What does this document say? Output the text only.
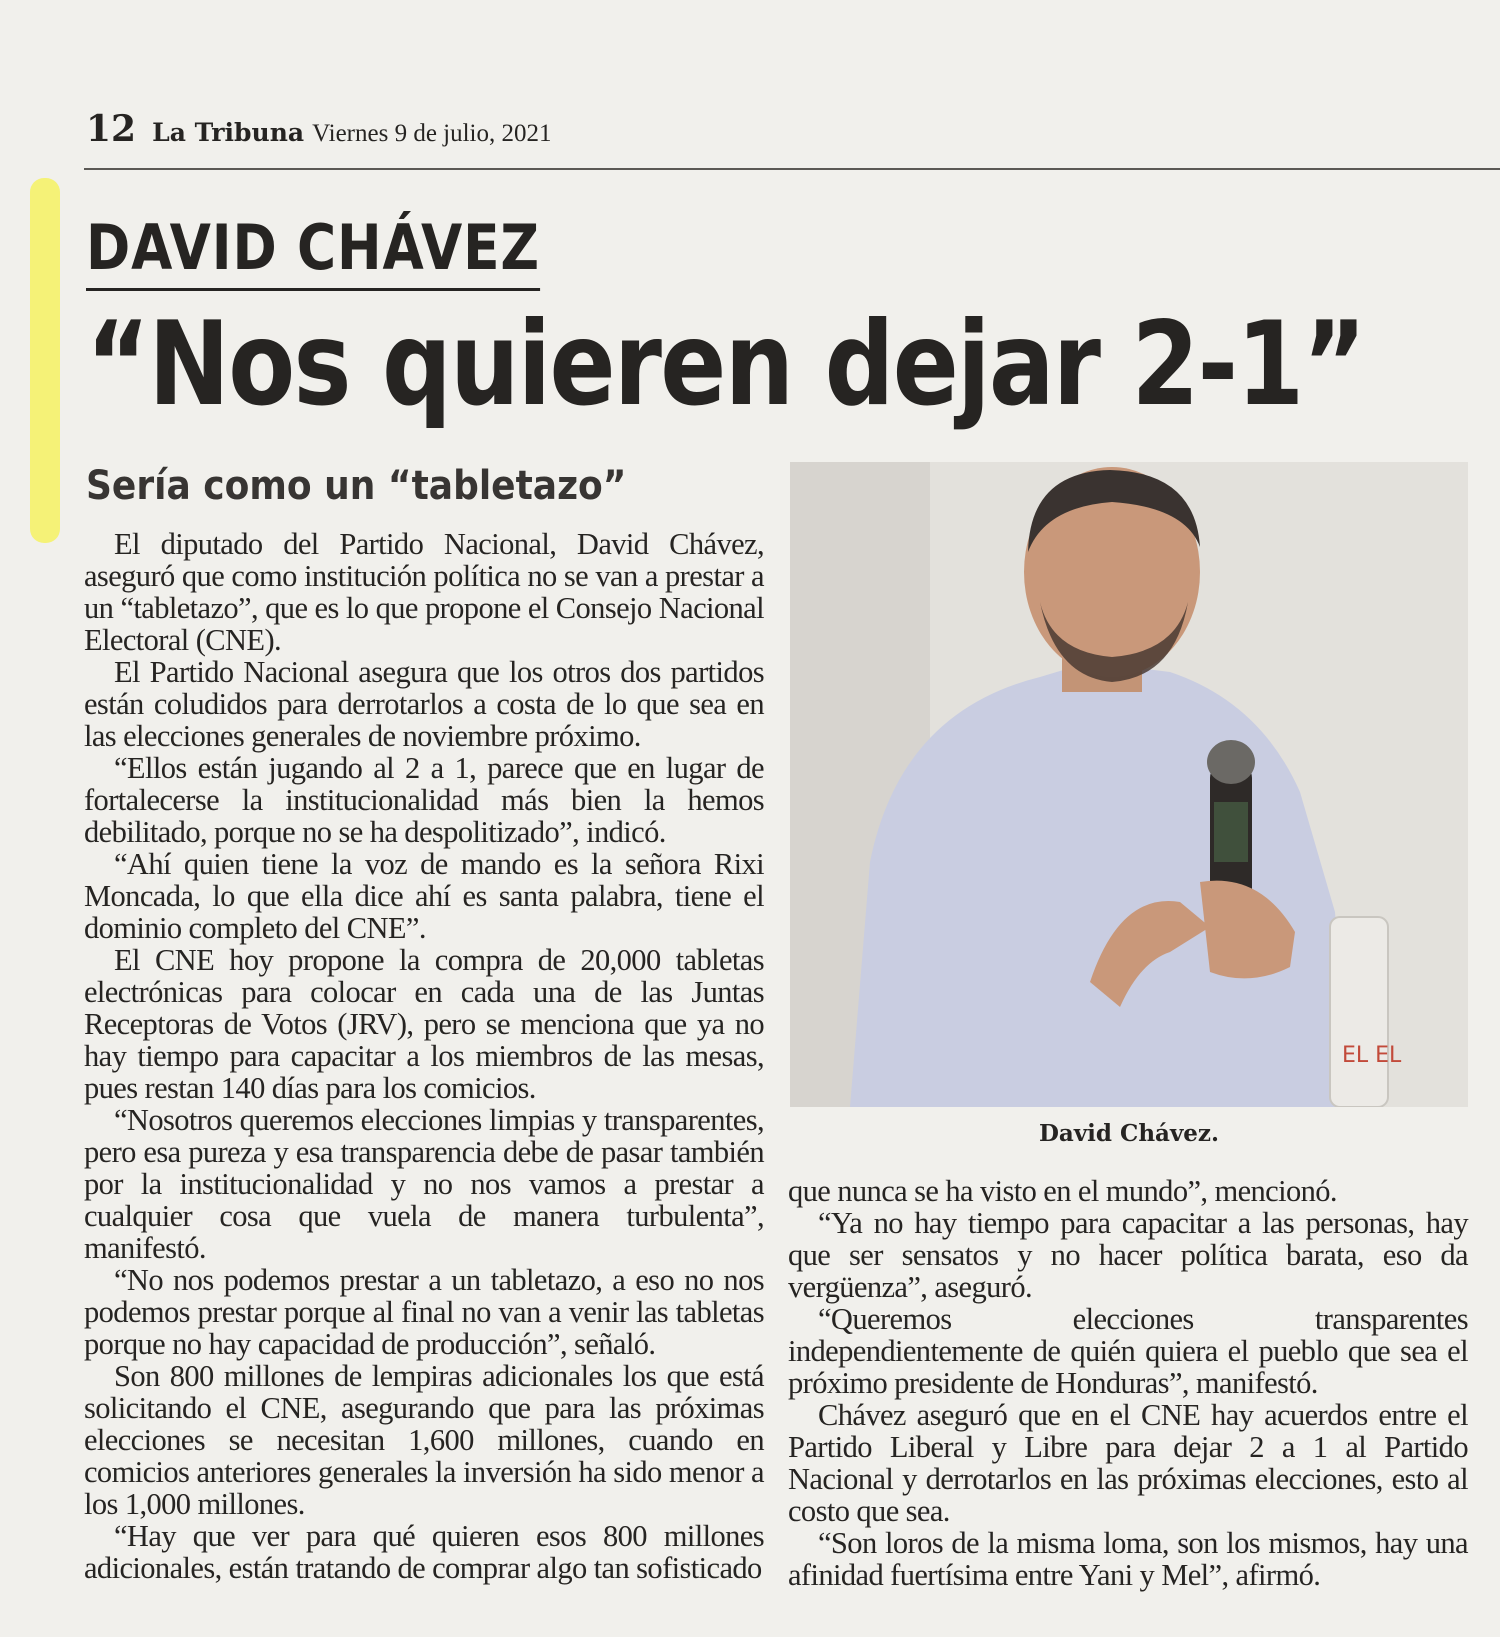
12 La Tribuna Viernes 9 de julio, 2021
DAVID CHÁVEZ
“Nos quieren dejar 2-1”
Sería como un “tabletazo”

El diputado del Partido Nacional, David Chávez, aseguró que como institución política no se van a prestar a un “tabletazo”, que es lo que propone el Consejo Nacional Electoral (CNE).

El Partido Nacional asegura que los otros dos partidos están coludidos para derrotarlos a costa de lo que sea en las elecciones generales de noviembre próximo.

“Ellos están jugando al 2 a 1, parece que en lugar de fortalecerse la institucionalidad más bien la hemos debilitado, porque no se ha despolitizado”, indicó.

“Ahí quien tiene la voz de mando es la señora Rixi Moncada, lo que ella dice ahí es santa palabra, tiene el dominio completo del CNE”.

El CNE hoy propone la compra de 20,000 tabletas electrónicas para colocar en cada una de las Juntas Receptoras de Votos (JRV), pero se menciona que ya no hay tiempo para capacitar a los miembros de las mesas, pues restan 140 días para los comicios.

“Nosotros queremos elecciones limpias y transparentes, pero esa pureza y esa transparencia debe de pasar también por la institucionalidad y no nos vamos a prestar a cualquier cosa que vuela de manera turbulenta”, manifestó.

“No nos podemos prestar a un tabletazo, a eso no nos podemos prestar porque al final no van a venir las tabletas porque no hay capacidad de producción”, señaló.

Son 800 millones de lempiras adicionales los que está solicitando el CNE, asegurando que para las próximas elecciones se necesitan 1,600 millones, cuando en comicios anteriores generales la inversión ha sido menor a los 1,000 millones.

“Hay que ver para qué quieren esos 800 millones adicionales, están tratando de comprar algo tan sofisticado

EL EL
David Chávez.

que nunca se ha visto en el mundo”, mencionó.

“Ya no hay tiempo para capacitar a las personas, hay que ser sensatos y no hacer política barata, eso da vergüenza”, aseguró.

“Queremos elecciones transparentes independientemente de quién quiera el pueblo que sea el próximo presidente de Honduras”, manifestó.

Chávez aseguró que en el CNE hay acuerdos entre el Partido Liberal y Libre para dejar 2 a 1 al Partido Nacional y derrotarlos en las próximas elecciones, esto al costo que sea.

“Son loros de la misma loma, son los mismos, hay una afinidad fuertísima entre Yani y Mel”, afirmó.
